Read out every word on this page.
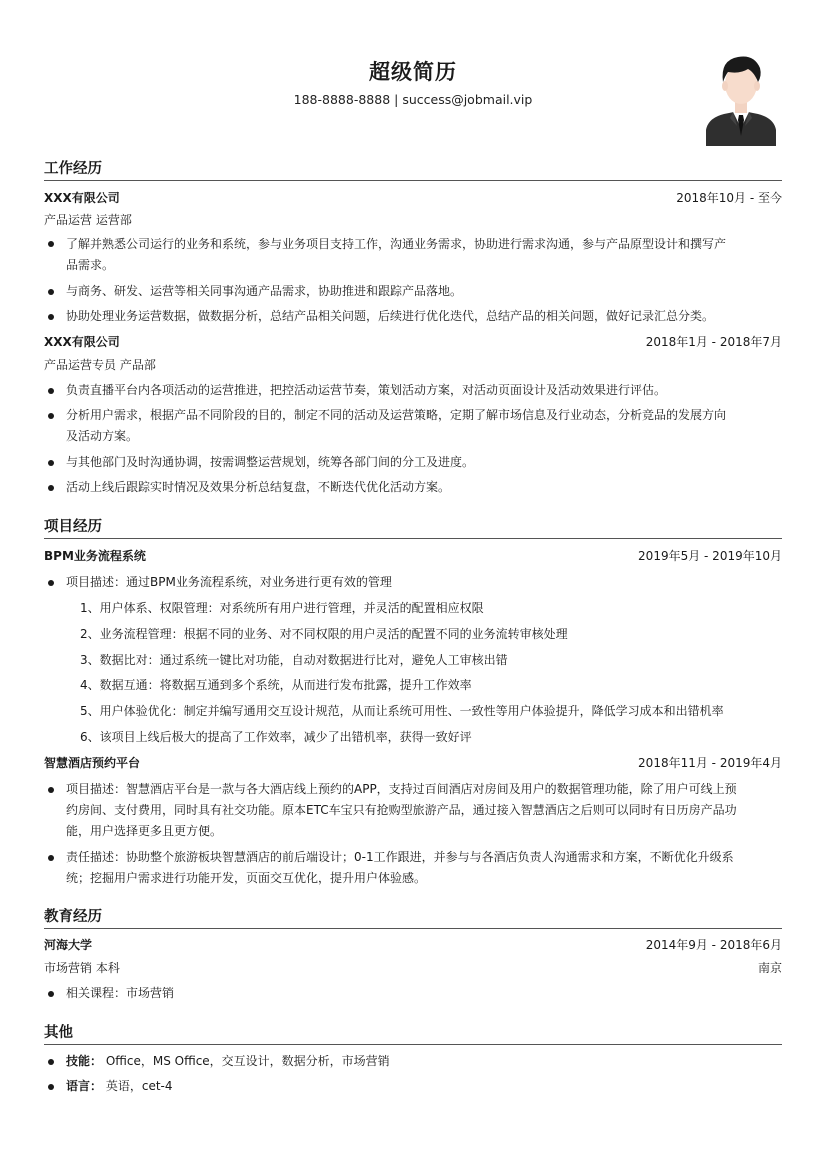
超级简历
188-8888-8888 | success@jobmail.vip
工作经历
XXX有限公司	2018年10月 - 至今
产品运营 运营部
了解并熟悉公司运行的业务和系统，参与业务项目支持工作，沟通业务需求，协助进行需求沟通，参与产品原型设计和撰写产
品需求。
与商务、研发、运营等相关同事沟通产品需求，协助推进和跟踪产品落地。
协助处理业务运营数据，做数据分析，总结产品相关问题，后续进行优化迭代，总结产品的相关问题，做好记录汇总分类。
XXX有限公司	2018年1月 - 2018年7月
产品运营专员 产品部
负责直播平台内各项活动的运营推进，把控活动运营节奏，策划活动方案，对活动页面设计及活动效果进行评估。
分析用户需求，根据产品不同阶段的目的，制定不同的活动及运营策略，定期了解市场信息及行业动态，分析竞品的发展方向
及活动方案。
与其他部门及时沟通协调，按需调整运营规划，统筹各部门间的分工及进度。
活动上线后跟踪实时情况及效果分析总结复盘，不断迭代优化活动方案。
项目经历
BPM业务流程系统	2019年5月 - 2019年10月
项目描述：通过BPM业务流程系统，对业务进行更有效的管理
1、用户体系、权限管理：对系统所有用户进行管理，并灵活的配置相应权限
2、业务流程管理：根据不同的业务、对不同权限的用户灵活的配置不同的业务流转审核处理
3、数据比对：通过系统一键比对功能，自动对数据进行比对，避免人工审核出错
4、数据互通：将数据互通到多个系统，从而进行发布批露，提升工作效率
5、用户体验优化：制定并编写通用交互设计规范，从而让系统可用性、一致性等用户体验提升，降低学习成本和出错机率
6、该项目上线后极大的提高了工作效率，减少了出错机率，获得一致好评
智慧酒店预约平台	2018年11月 - 2019年4月
项目描述：智慧酒店平台是一款与各大酒店线上预约的APP，支持过百间酒店对房间及用户的数据管理功能，除了用户可线上预
约房间、支付费用，同时具有社交功能。原本ETC车宝只有抢购型旅游产品，通过接入智慧酒店之后则可以同时有日历房产品功
能，用户选择更多且更方便。
责任描述：协助整个旅游板块智慧酒店的前后端设计；0-1工作跟进，并参与与各酒店负责人沟通需求和方案，不断优化升级系
统；挖掘用户需求进行功能开发，页面交互优化，提升用户体验感。
教育经历
河海大学	2014年9月 - 2018年6月
市场营销 本科	南京
相关课程：市场营销
其他
技能： Office，MS Office，交互设计，数据分析，市场营销
语言： 英语，cet-4
